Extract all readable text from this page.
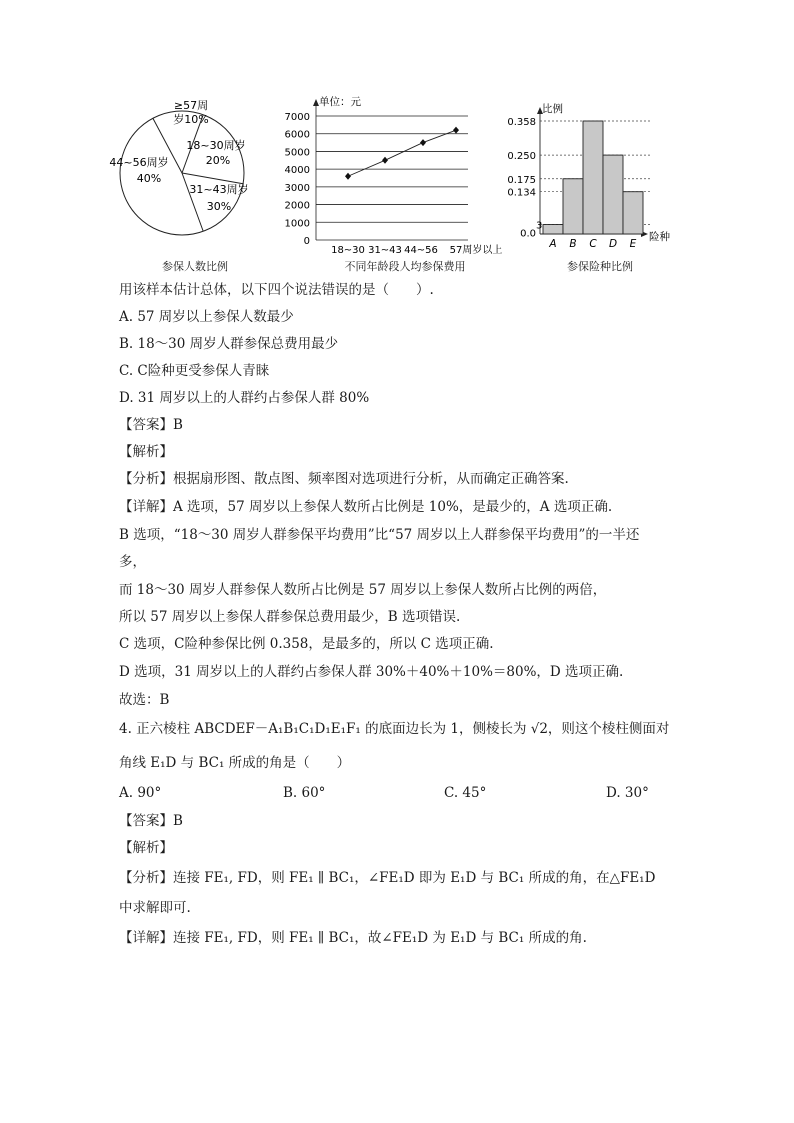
≥57周
岁10%
18~30周岁
20%
31~43周岁
30%
44~56周岁
40%
参保人数比例
0
1000
2000
3000
4000
5000
6000
7000
单位：元
18~30 31~43 44~56 57周岁以上
不同年龄段人均参保费用
比例
险种
0.0
3
0.134
0.175
0.250
0.358
A B C D E
参保险种比例
用该样本估计总体，以下四个说法错误的是（　　）.
A. 57 周岁以上参保人数最少
B. 18～30 周岁人群参保总费用最少
C. C险种更受参保人青睐
D. 31 周岁以上的人群约占参保人群 80%
【答案】B
【解析】
【分析】根据扇形图、散点图、频率图对选项进行分析，从而确定正确答案.
【详解】A 选项，57 周岁以上参保人数所占比例是 10%，是最少的，A 选项正确.
B 选项，“18～30 周岁人群参保平均费用”比“57 周岁以上人群参保平均费用”的一半还
多，
而 18～30 周岁人群参保人数所占比例是 57 周岁以上参保人数所占比例的两倍，
所以 57 周岁以上参保人群参保总费用最少，B 选项错误.
C 选项，C险种参保比例 0.358，是最多的，所以 C 选项正确.
D 选项，31 周岁以上的人群约占参保人群 30%＋40%＋10%＝80%，D 选项正确.
故选：B
4. 正六棱柱 ABCDEF－A₁B₁C₁D₁E₁F₁ 的底面边长为 1，侧棱长为 √2，则这个棱柱侧面对
角线 E₁D 与 BC₁ 所成的角是（　　）
A. 90°	B. 60°	C. 45°	D. 30°
【答案】B
【解析】
【分析】连接 FE₁, FD，则 FE₁ ∥ BC₁，∠FE₁D 即为 E₁D 与 BC₁ 所成的角，在△FE₁D
中求解即可.
【详解】连接 FE₁, FD，则 FE₁ ∥ BC₁，故∠FE₁D 为 E₁D 与 BC₁ 所成的角.
